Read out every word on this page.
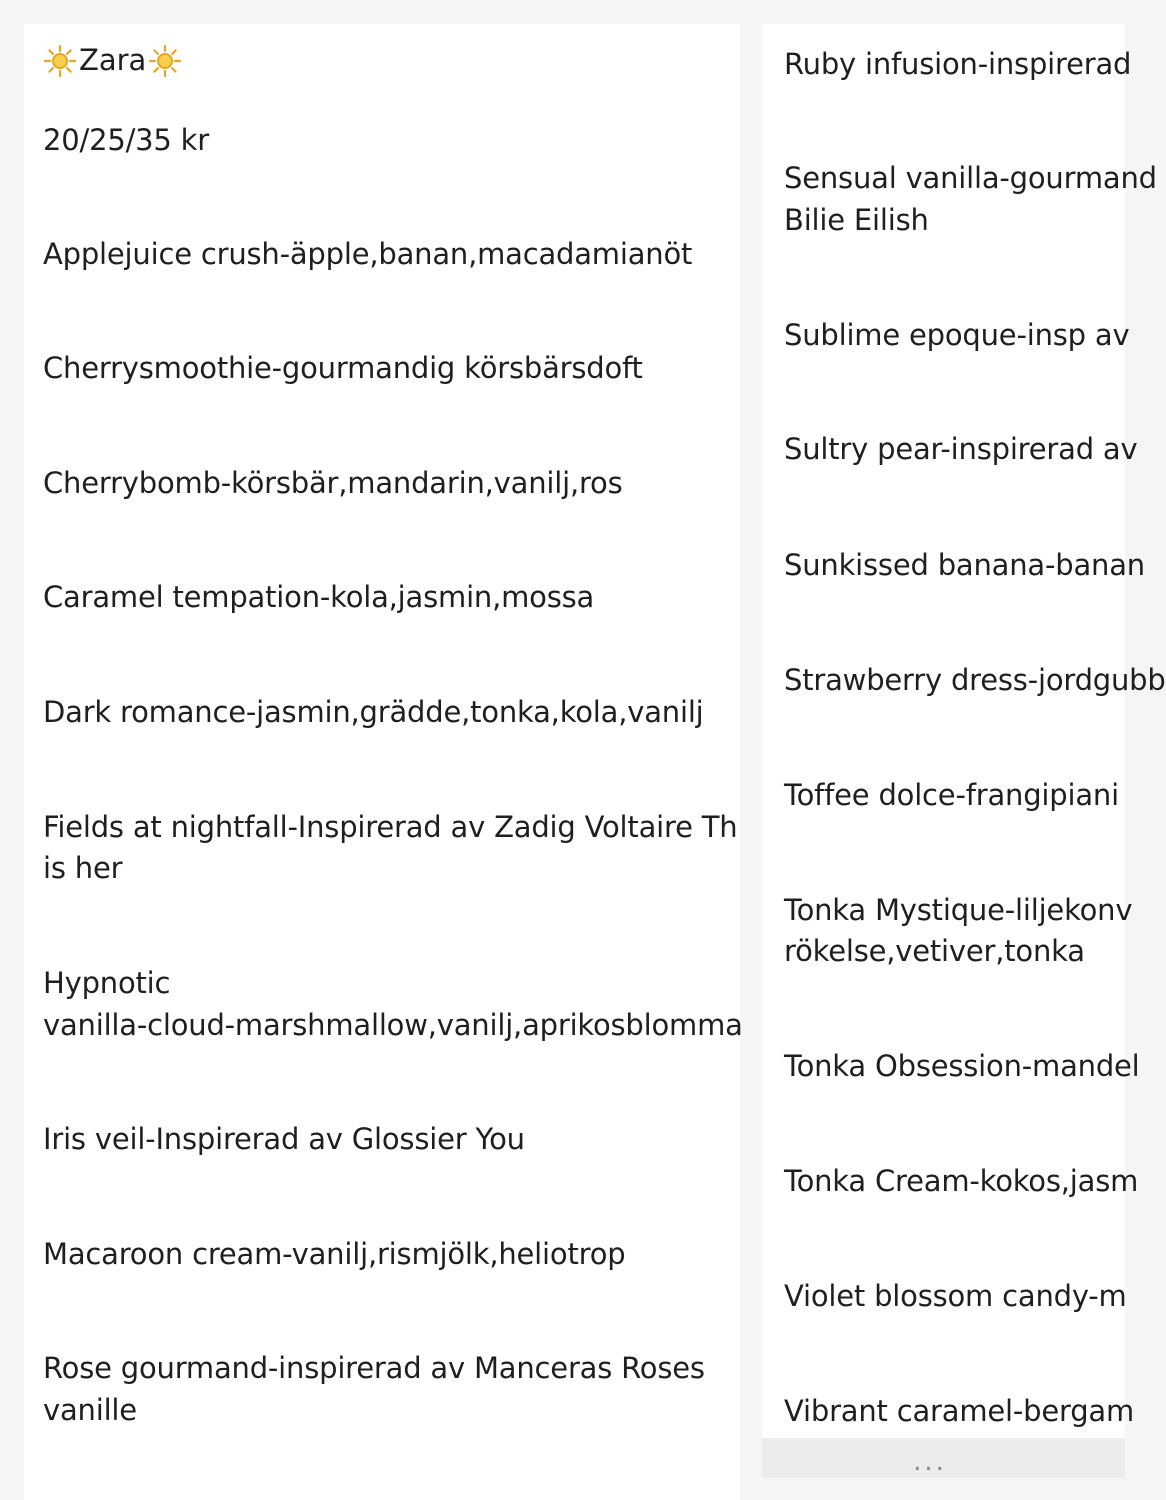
Zara
20/25/35 kr
Applejuice crush-äpple,banan,macadamianöt
Cherrysmoothie-gourmandig körsbärsdoft
Cherrybomb-körsbär,mandarin,vanilj,ros
Caramel tempation-kola,jasmin,mossa
Dark romance-jasmin,grädde,tonka,kola,vanilj
Fields at nightfall-Inspirerad av Zadig Voltaire Th
is her
Hypnotic
vanilla-cloud-marshmallow,vanilj,aprikosblomma
Iris veil-Inspirerad av Glossier You
Macaroon cream-vanilj,rismjölk,heliotrop
Rose gourmand-inspirerad av Manceras Roses
vanille
Ruby infusion-inspirerad
Sensual vanilla-gourmand
Bilie Eilish
Sublime epoque-insp av
Sultry pear-inspirerad av
Sunkissed banana-banan
Strawberry dress-jordgubb
Toffee dolce-frangipiani
Tonka Mystique-liljekonv
rökelse,vetiver,tonka
Tonka Obsession-mandel
Tonka Cream-kokos,jasm
Violet blossom candy-m
Vibrant caramel-bergam
...
